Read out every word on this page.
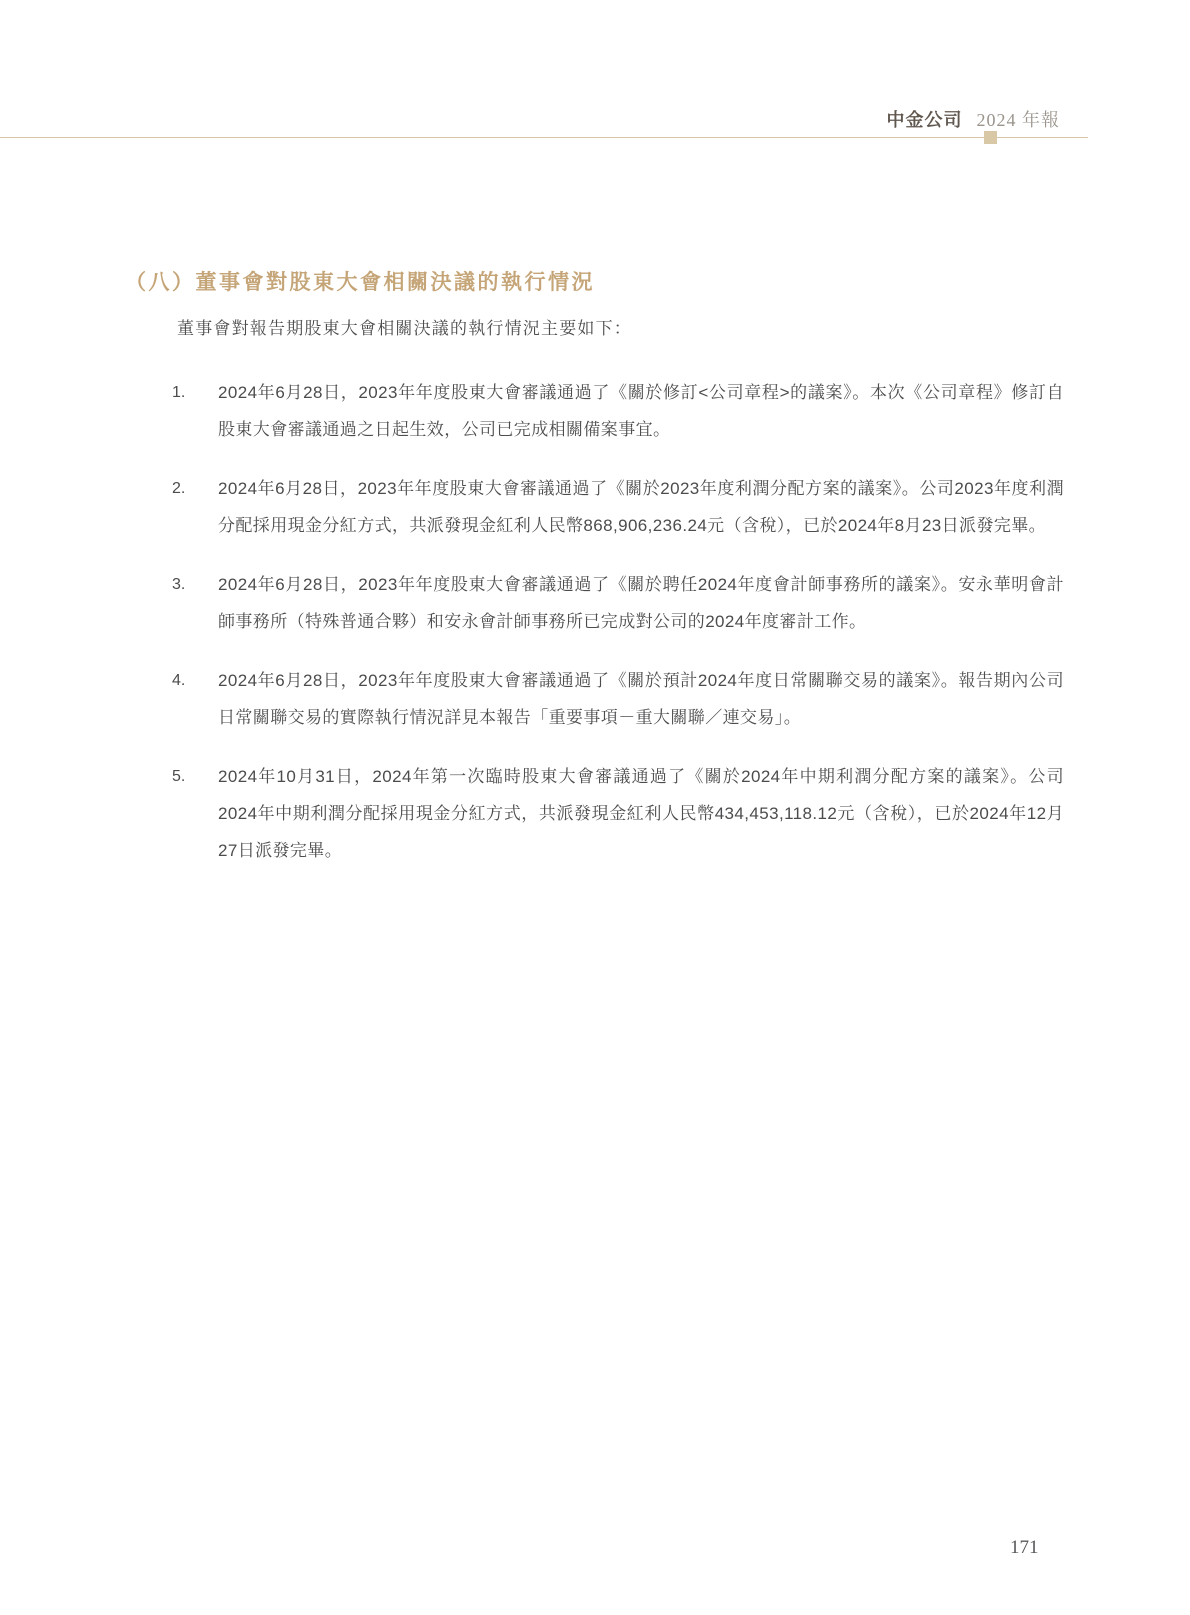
中金公司 2024 年報
（八）董事會對股東大會相關決議的執行情況
董事會對報告期股東大會相關決議的執行情況主要如下：
1.	2024年6月28日，2023年年度股東大會審議通過了《關於修訂<公司章程>的議案》。本次《公司章程》修訂自股東大會審議通過之日起生效，公司已完成相關備案事宜。

2.	2024年6月28日，2023年年度股東大會審議通過了《關於2023年度利潤分配方案的議案》。公司2023年度利潤分配採用現金分紅方式，共派發現金紅利人民幣868,906,236.24元（含稅），已於2024年8月23日派發完畢。

3.	2024年6月28日，2023年年度股東大會審議通過了《關於聘任2024年度會計師事務所的議案》。安永華明會計師事務所（特殊普通合夥）和安永會計師事務所已完成對公司的2024年度審計工作。

4.	2024年6月28日，2023年年度股東大會審議通過了《關於預計2024年度日常關聯交易的議案》。報告期內公司日常關聯交易的實際執行情況詳見本報告「重要事項－重大關聯／連交易」。

5.	2024年10月31日，2024年第一次臨時股東大會審議通過了《關於2024年中期利潤分配方案的議案》。公司2024年中期利潤分配採用現金分紅方式，共派發現金紅利人民幣434,453,118.12元（含稅），已於2024年12月27日派發完畢。

171
